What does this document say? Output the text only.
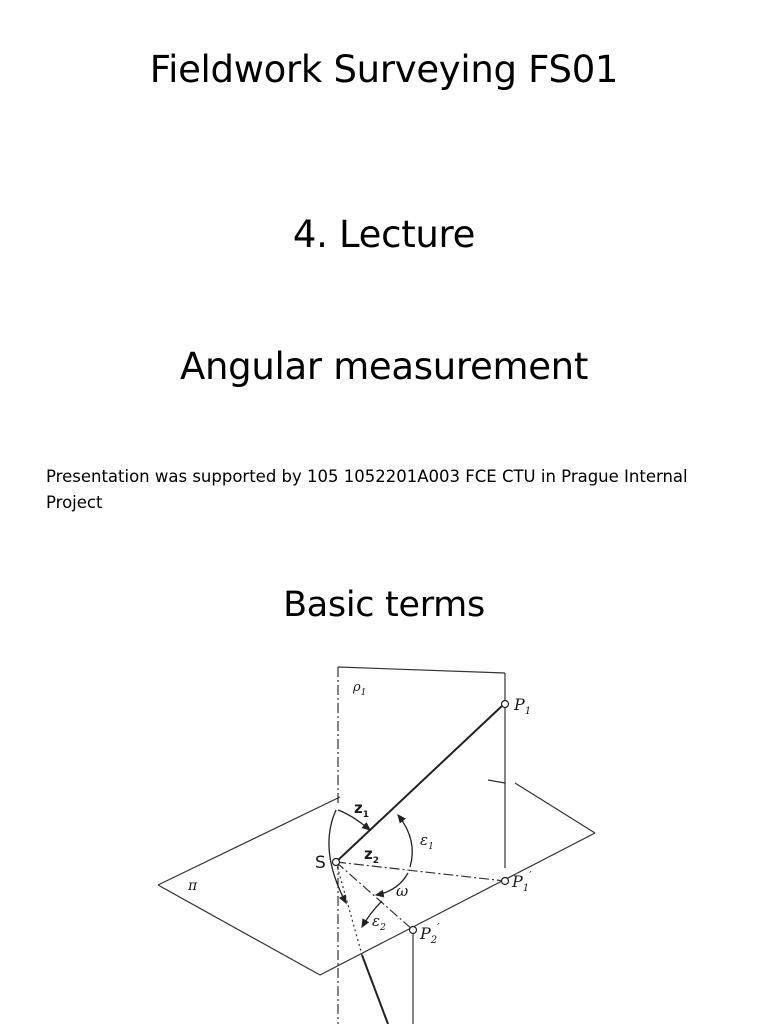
Fieldwork Surveying FS01
4. Lecture
Angular measurement

Presentation was supported by 105 1052201A003 FCE CTU in Prague Internal Project

Basic terms
$\rho_1$
π
S
$P_1$
$P_1'$
$P_2'$
$z_1$
$z_2$
$\varepsilon_1$
$\varepsilon_2$
ω
